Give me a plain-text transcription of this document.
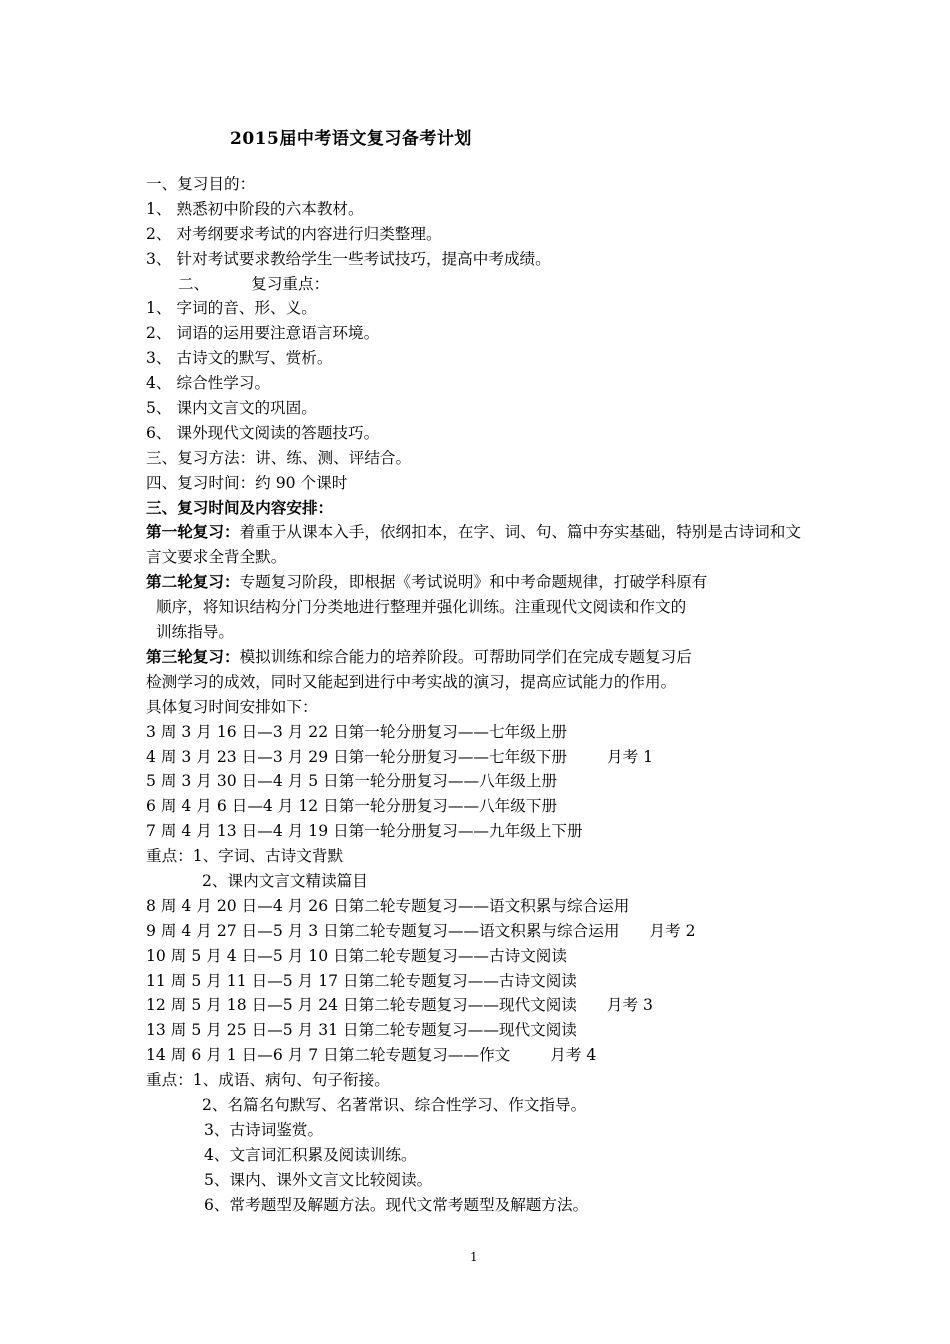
2015届中考语文复习备考计划
一、复习目的：
1、 熟悉初中阶段的六本教材。
2、 对考纲要求考试的内容进行归类整理。
3、 针对考试要求教给学生一些考试技巧，提高中考成绩。
二、	复习重点：
1、 字词的音、形、义。
2、 词语的运用要注意语言环境。
3、 古诗文的默写、赏析。
4、 综合性学习。
5、 课内文言文的巩固。
6、 课外现代文阅读的答题技巧。
三、复习方法：讲、练、测、评结合。
四、复习时间：约 90 个课时
三、复习时间及内容安排：
第一轮复习：着重于从课本入手，依纲扣本，在字、词、句、篇中夯实基础，特别是古诗词和文言文要求全背全默。
第二轮复习：专题复习阶段，即根据《考试说明》和中考命题规律，打破学科原有
顺序，将知识结构分门分类地进行整理并强化训练。注重现代文阅读和作文的
训练指导。
第三轮复习：模拟训练和综合能力的培养阶段。可帮助同学们在完成专题复习后
检测学习的成效，同时又能起到进行中考实战的演习，提高应试能力的作用。
具体复习时间安排如下：
3 周 3 月 16 日—3 月 22 日第一轮分册复习——七年级上册
4 周 3 月 23 日—3 月 29 日第一轮分册复习——七年级下册	月考 1
5 周 3 月 30 日—4 月 5 日第一轮分册复习——八年级上册
6 周 4 月 6 日—4 月 12 日第一轮分册复习——八年级下册
7 周 4 月 13 日—4 月 19 日第一轮分册复习——九年级上下册
重点：1、字词、古诗文背默
2、课内文言文精读篇目
8 周 4 月 20 日—4 月 26 日第二轮专题复习——语文积累与综合运用
9 周 4 月 27 日—5 月 3 日第二轮专题复习——语文积累与综合运用 月考 2
10 周 5 月 4 日—5 月 10 日第二轮专题复习——古诗文阅读
11 周 5 月 11 日—5 月 17 日第二轮专题复习——古诗文阅读
12 周 5 月 18 日—5 月 24 日第二轮专题复习——现代文阅读 月考 3
13 周 5 月 25 日—5 月 31 日第二轮专题复习——现代文阅读
14 周 6 月 1 日—6 月 7 日第二轮专题复习——作文	月考 4
重点：1、成语、病句、句子衔接。
2、名篇名句默写、名著常识、综合性学习、作文指导。
3、古诗词鉴赏。
4、文言词汇积累及阅读训练。
5、课内、课外文言文比较阅读。
6、常考题型及解题方法。现代文常考题型及解题方法。
1
